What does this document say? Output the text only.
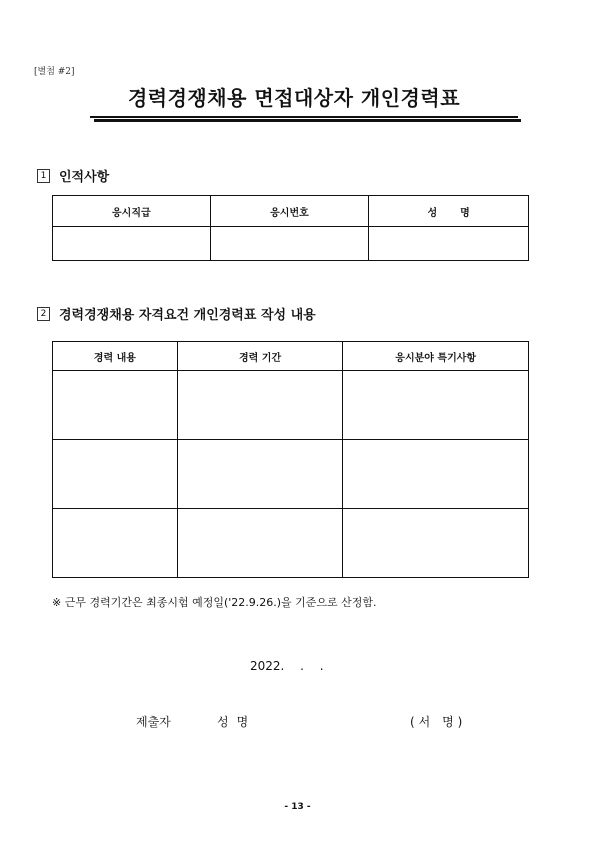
[별첨 #2]
경력경쟁채용 면접대상자 개인경력표
1 인적사항
응시직급	응시번호	성  명

2 경력경쟁채용 자격요건 개인경력표 작성 내용
경력 내용	경력 기간	응시분야 특기사항

※ 근무 경력기간은 최종시험 예정일('22.9.26.)을 기준으로 산정함.
2022. . .
제출자	성명	(서 명)
- 13 -
